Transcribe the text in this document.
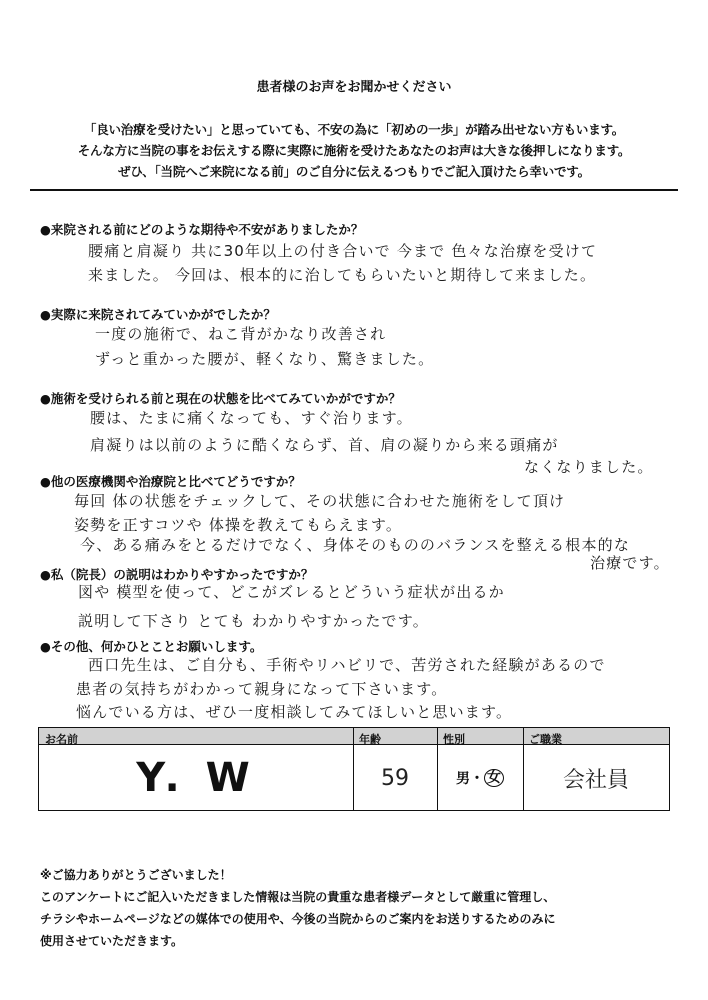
患者様のお声をお聞かせください
「良い治療を受けたい」と思っていても、不安の為に「初めの一歩」が踏み出せない方もいます。
そんな方に当院の事をお伝えする際に実際に施術を受けたあなたのお声は大きな後押しになります。
ぜひ、「当院へご来院になる前」のご自分に伝えるつもりでご記入頂けたら幸いです。
●来院される前にどのような期待や不安がありましたか？
腰痛と肩凝り 共に30年以上の付き合いで 今まで 色々な治療を受けて
来ました。 今回は、根本的に治してもらいたいと期待して来ました。
●実際に来院されてみていかがでしたか？
一度の施術で、ねこ背がかなり改善され
ずっと重かった腰が、軽くなり、驚きました。
●施術を受けられる前と現在の状態を比べてみていかがですか？
腰は、たまに痛くなっても、すぐ治ります。
肩凝りは以前のように酷くならず、首、肩の凝りから来る頭痛が
なくなりました。
●他の医療機関や治療院と比べてどうですか？
毎回 体の状態をチェックして、その状態に合わせた施術をして頂け
姿勢を正すコツや 体操を教えてもらえます。
今、ある痛みをとるだけでなく、身体そのもののバランスを整える根本的な
治療です。
●私（院長）の説明はわかりやすかったですか？
図や 模型を使って、どこがズレるとどういう症状が出るか
説明して下さり とても わかりやすかったです。
●その他、何かひとことお願いします。
西口先生は、ご自分も、手術やリハビリで、苦労された経験があるので
患者の気持ちがわかって親身になって下さいます。
悩んでいる方は、ぜひ一度相談してみてほしいと思います。
お名前	年齢	性別	ご職業
Y. W	59	男 ・ 女	会社員
※ご協力ありがとうございました！
このアンケートにご記入いただきました情報は当院の貴重な患者様データとして厳重に管理し、
チラシやホームページなどの媒体での使用や、今後の当院からのご案内をお送りするためのみに
使用させていただきます。
